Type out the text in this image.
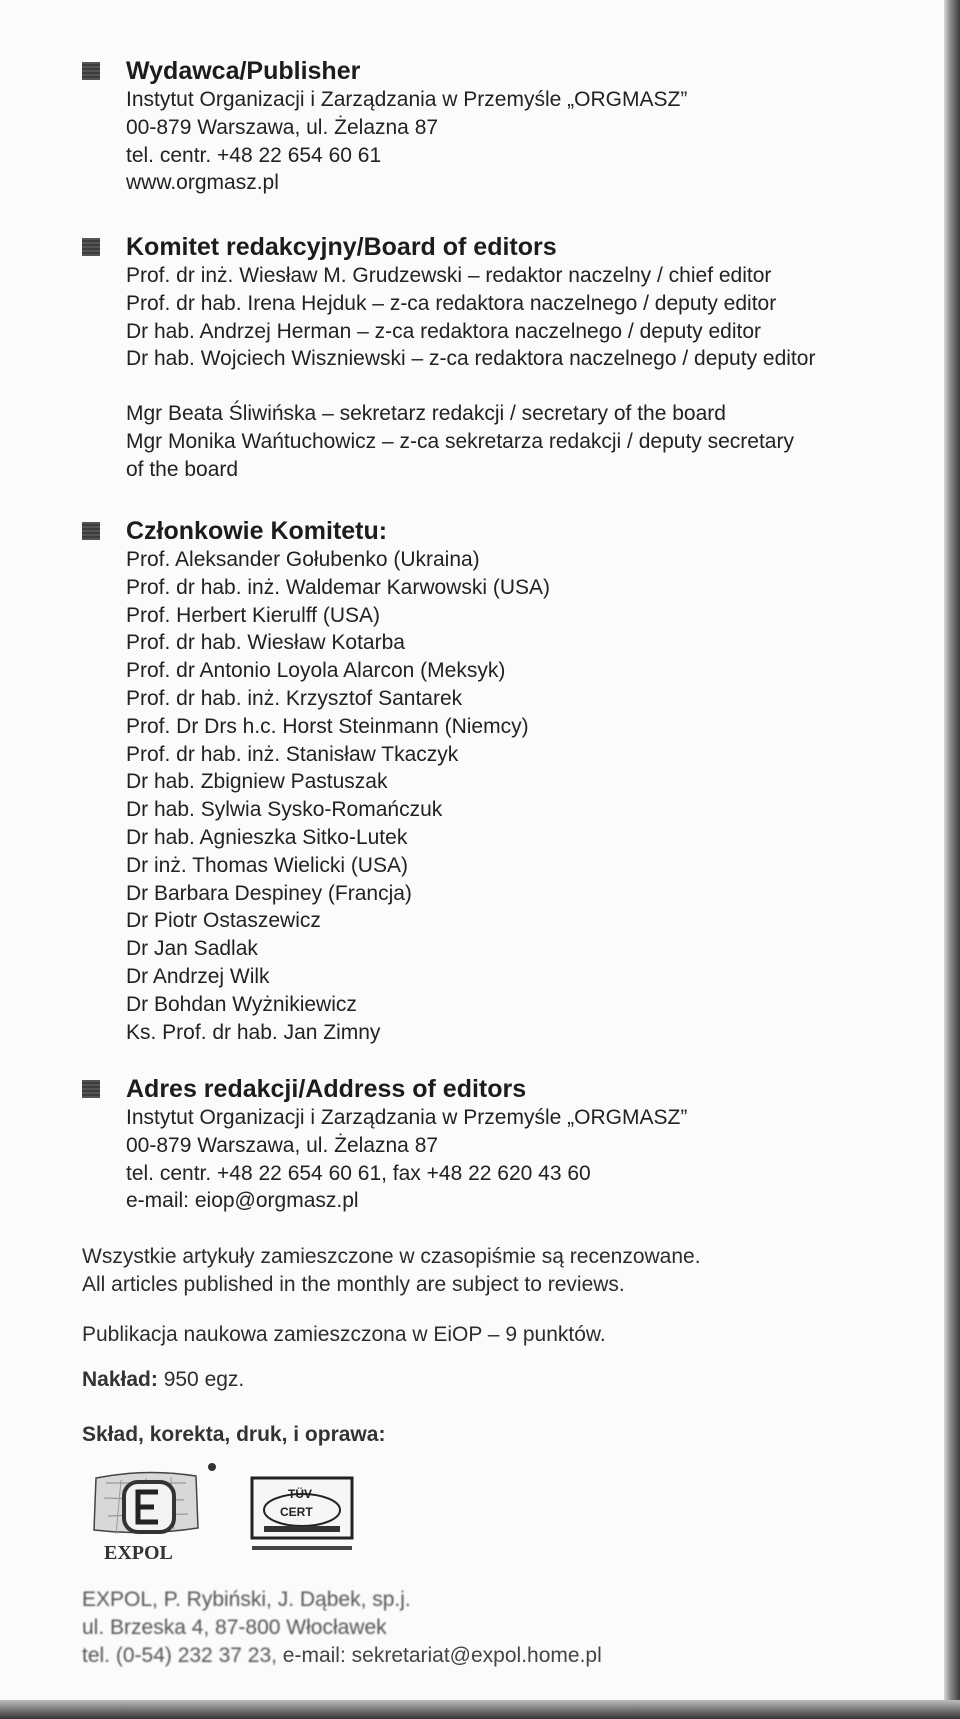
Wydawca/Publisher
Instytut Organizacji i Zarządzania w Przemyśle „ORGMASZ”
00-879 Warszawa, ul. Żelazna 87
tel. centr. +48 22 654 60 61
www.orgmasz.pl
Komitet redakcyjny/Board of editors
Prof. dr inż. Wiesław M. Grudzewski – redaktor naczelny / chief editor
Prof. dr hab. Irena Hejduk – z-ca redaktora naczelnego / deputy editor
Dr hab. Andrzej Herman – z-ca redaktora naczelnego / deputy editor
Dr hab. Wojciech Wiszniewski – z-ca redaktora naczelnego / deputy editor
Mgr Beata Śliwińska – sekretarz redakcji / secretary of the board
Mgr Monika Wańtuchowicz – z-ca sekretarza redakcji / deputy secretary
of the board
Członkowie Komitetu:
Prof. Aleksander Gołubenko (Ukraina)
Prof. dr hab. inż. Waldemar Karwowski (USA)
Prof. Herbert Kierulff (USA)
Prof. dr hab. Wiesław Kotarba
Prof. dr Antonio Loyola Alarcon (Meksyk)
Prof. dr hab. inż. Krzysztof Santarek
Prof. Dr Drs h.c. Horst Steinmann (Niemcy)
Prof. dr hab. inż. Stanisław Tkaczyk
Dr hab. Zbigniew Pastuszak
Dr hab. Sylwia Sysko-Romańczuk
Dr hab. Agnieszka Sitko-Lutek
Dr inż. Thomas Wielicki (USA)
Dr Barbara Despiney (Francja)
Dr Piotr Ostaszewicz
Dr Jan Sadlak
Dr Andrzej Wilk
Dr Bohdan Wyżnikiewicz
Ks. Prof. dr hab. Jan Zimny
Adres redakcji/Address of editors
Instytut Organizacji i Zarządzania w Przemyśle „ORGMASZ”
00-879 Warszawa, ul. Żelazna 87
tel. centr. +48 22 654 60 61, fax +48 22 620 43 60
e-mail: eiop@orgmasz.pl
Wszystkie artykuły zamieszczone w czasopiśmie są recenzowane.
All articles published in the monthly are subject to reviews.
Publikacja naukowa zamieszczona w EiOP – 9 punktów.
Nakład: 950 egz.
Skład, korekta, druk, i oprawa:
EXPOL
TÜV
CERT
EXPOL, P. Rybiński, J. Dąbek, sp.j.
ul. Brzeska 4, 87-800 Włocławek
tel. (0-54) 232 37 23, e-mail: sekretariat@expol.home.pl
